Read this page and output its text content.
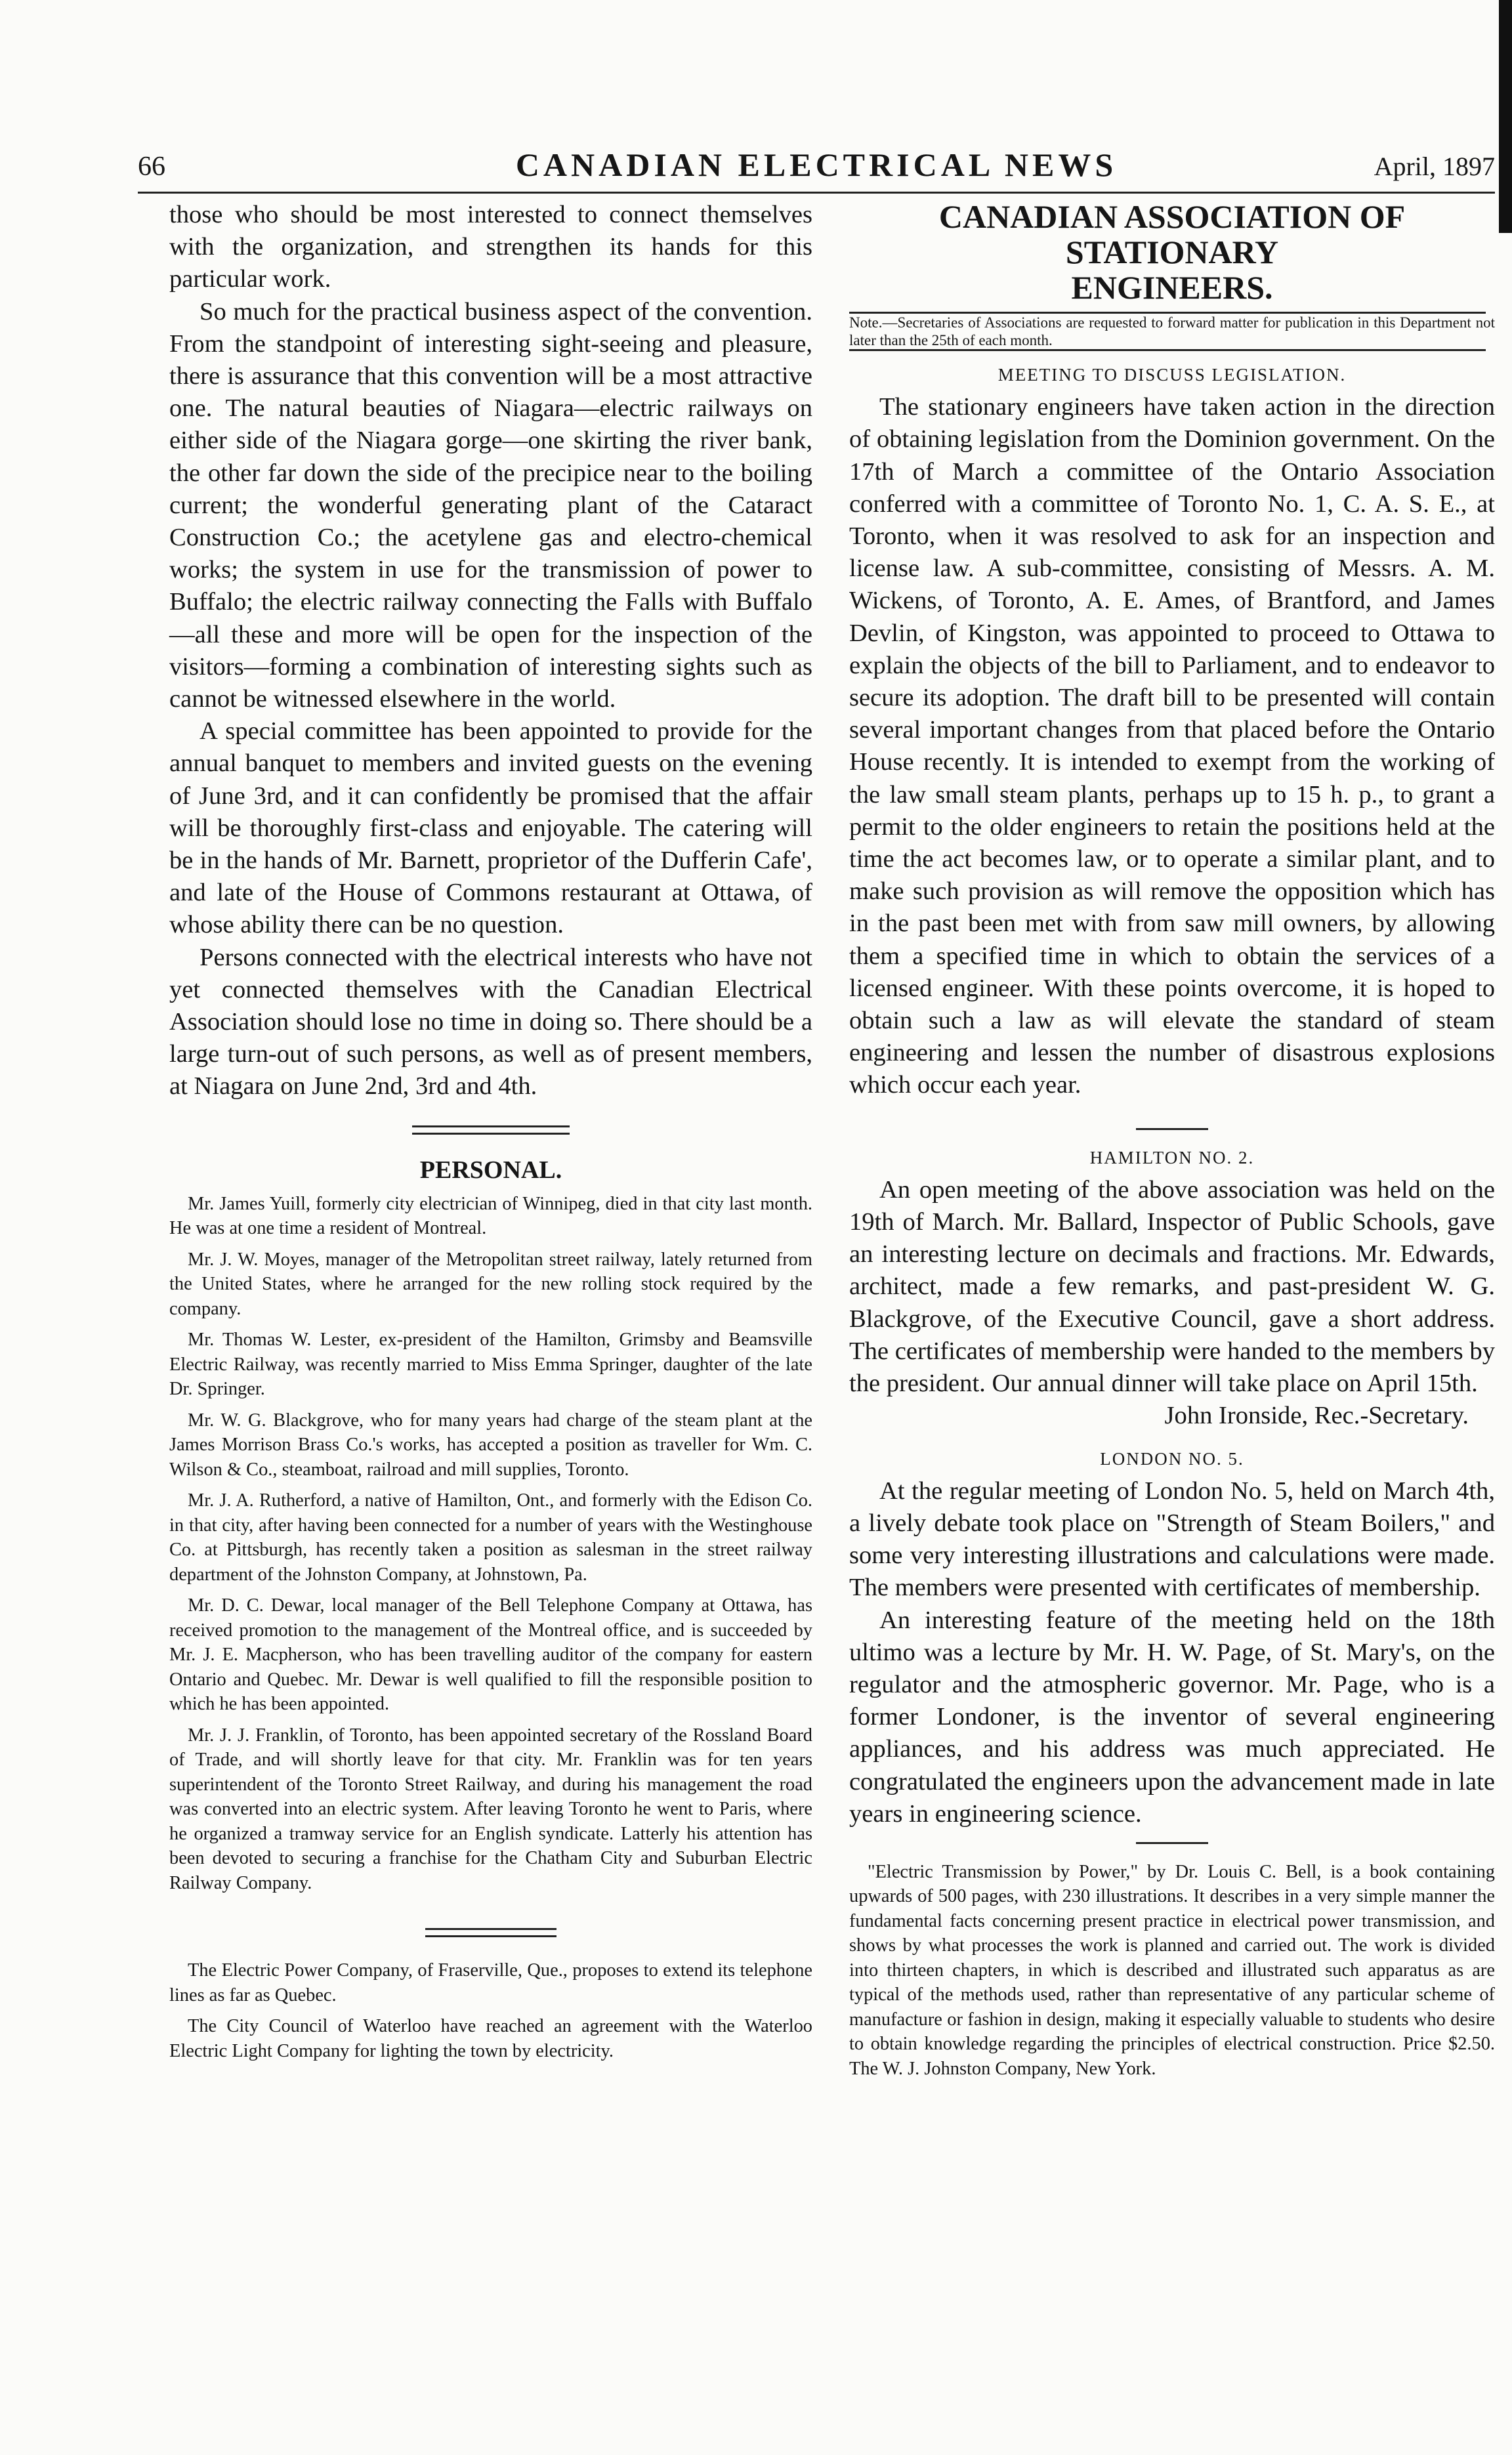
66	CANADIAN ELECTRICAL NEWS	April, 1897

those who should be most interested to connect themselves with the organization, and strengthen its hands for this particular work.

So much for the practical business aspect of the convention. From the standpoint of interesting sight-seeing and pleasure, there is assurance that this convention will be a most attractive one. The natural beauties of Niagara—electric railways on either side of the Niagara gorge—one skirting the river bank, the other far down the side of the precipice near to the boiling current; the wonderful generating plant of the Cataract Construction Co.; the acetylene gas and electro-chemical works; the system in use for the transmission of power to Buffalo; the electric railway connecting the Falls with Buffalo—all these and more will be open for the inspection of the visitors—forming a combination of interesting sights such as cannot be witnessed elsewhere in the world.

A special committee has been appointed to provide for the annual banquet to members and invited guests on the evening of June 3rd, and it can confidently be promised that the affair will be thoroughly first-class and enjoyable. The catering will be in the hands of Mr. Barnett, proprietor of the Dufferin Cafe', and late of the House of Commons restaurant at Ottawa, of whose ability there can be no question.

Persons connected with the electrical interests who have not yet connected themselves with the Canadian Electrical Association should lose no time in doing so. There should be a large turn-out of such persons, as well as of present members, at Niagara on June 2nd, 3rd and 4th.

PERSONAL.

Mr. James Yuill, formerly city electrician of Winnipeg, died in that city last month. He was at one time a resident of Montreal.

Mr. J. W. Moyes, manager of the Metropolitan street railway, lately returned from the United States, where he arranged for the new rolling stock required by the company.

Mr. Thomas W. Lester, ex-president of the Hamilton, Grimsby and Beamsville Electric Railway, was recently married to Miss Emma Springer, daughter of the late Dr. Springer.

Mr. W. G. Blackgrove, who for many years had charge of the steam plant at the James Morrison Brass Co.'s works, has accepted a position as traveller for Wm. C. Wilson & Co., steamboat, railroad and mill supplies, Toronto.

Mr. J. A. Rutherford, a native of Hamilton, Ont., and formerly with the Edison Co. in that city, after having been connected for a number of years with the Westinghouse Co. at Pittsburgh, has recently taken a position as salesman in the street railway department of the Johnston Company, at Johnstown, Pa.

Mr. D. C. Dewar, local manager of the Bell Telephone Company at Ottawa, has received promotion to the management of the Montreal office, and is succeeded by Mr. J. E. Macpherson, who has been travelling auditor of the company for eastern Ontario and Quebec. Mr. Dewar is well qualified to fill the responsible position to which he has been appointed.

Mr. J. J. Franklin, of Toronto, has been appointed secretary of the Rossland Board of Trade, and will shortly leave for that city. Mr. Franklin was for ten years superintendent of the Toronto Street Railway, and during his management the road was converted into an electric system. After leaving Toronto he went to Paris, where he organized a tramway service for an English syndicate. Latterly his attention has been devoted to securing a franchise for the Chatham City and Suburban Electric Railway Company.

The Electric Power Company, of Fraserville, Que., proposes to extend its telephone lines as far as Quebec.

The City Council of Waterloo have reached an agreement with the Waterloo Electric Light Company for lighting the town by electricity.

CANADIAN ASSOCIATION OF STATIONARY
ENGINEERS.

Note.—Secretaries of Associations are requested to forward matter for publication in this Department not later than the 25th of each month.

MEETING TO DISCUSS LEGISLATION.

The stationary engineers have taken action in the direction of obtaining legislation from the Dominion government. On the 17th of March a committee of the Ontario Association conferred with a committee of Toronto No. 1, C. A. S. E., at Toronto, when it was resolved to ask for an inspection and license law. A sub-committee, consisting of Messrs. A. M. Wickens, of Toronto, A. E. Ames, of Brantford, and James Devlin, of Kingston, was appointed to proceed to Ottawa to explain the objects of the bill to Parliament, and to endeavor to secure its adoption. The draft bill to be presented will contain several important changes from that placed before the Ontario House recently. It is intended to exempt from the working of the law small steam plants, perhaps up to 15 h. p., to grant a permit to the older engineers to retain the positions held at the time the act becomes law, or to operate a similar plant, and to make such provision as will remove the opposition which has in the past been met with from saw mill owners, by allowing them a specified time in which to obtain the services of a licensed engineer. With these points overcome, it is hoped to obtain such a law as will elevate the standard of steam engineering and lessen the number of disastrous explosions which occur each year.

HAMILTON NO. 2.

An open meeting of the above association was held on the 19th of March. Mr. Ballard, Inspector of Public Schools, gave an interesting lecture on decimals and fractions. Mr. Edwards, architect, made a few remarks, and past-president W. G. Blackgrove, of the Executive Council, gave a short address. The certificates of membership were handed to the members by the president. Our annual dinner will take place on April 15th.

John Ironside, Rec.-Secretary.

LONDON NO. 5.

At the regular meeting of London No. 5, held on March 4th, a lively debate took place on "Strength of Steam Boilers," and some very interesting illustrations and calculations were made. The members were presented with certificates of membership.

An interesting feature of the meeting held on the 18th ultimo was a lecture by Mr. H. W. Page, of St. Mary's, on the regulator and the atmospheric governor. Mr. Page, who is a former Londoner, is the inventor of several engineering appliances, and his address was much appreciated. He congratulated the engineers upon the advancement made in late years in engineering science.

"Electric Transmission by Power," by Dr. Louis C. Bell, is a book containing upwards of 500 pages, with 230 illustrations. It describes in a very simple manner the fundamental facts concerning present practice in electrical power transmission, and shows by what processes the work is planned and carried out. The work is divided into thirteen chapters, in which is described and illustrated such apparatus as are typical of the methods used, rather than representative of any particular scheme of manufacture or fashion in design, making it especially valuable to students who desire to obtain knowledge regarding the principles of electrical construction. Price $2.50. The W. J. Johnston Company, New York.
